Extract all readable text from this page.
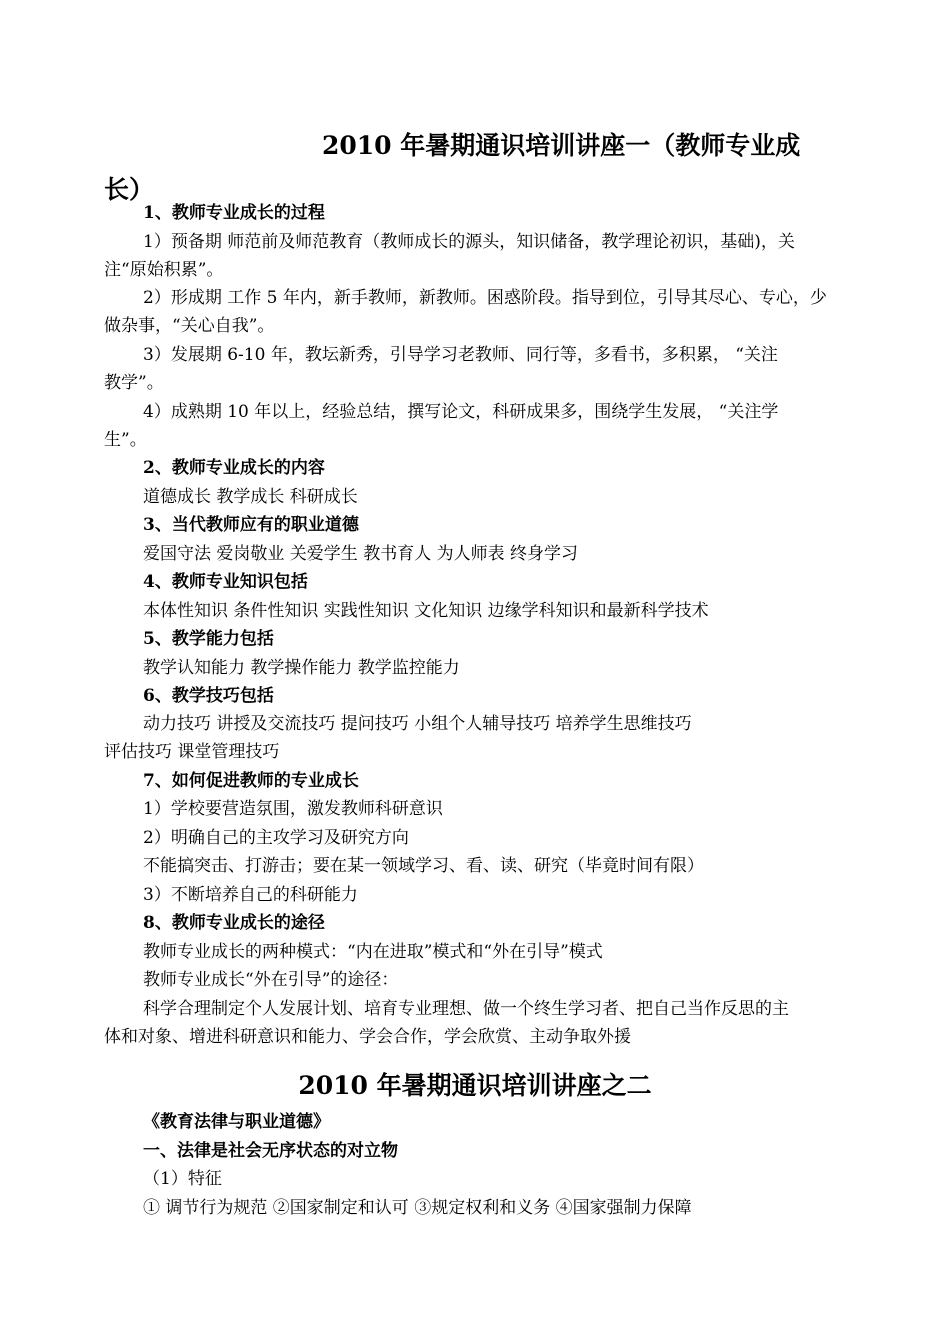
2010 年暑期通识培训讲座一（教师专业成
长）
1、教师专业成长的过程
1）预备期 师范前及师范教育（教师成长的源头，知识储备，教学理论初识，基础)，关
注“原始积累”。
2）形成期 工作 5 年内，新手教师，新教师。困惑阶段。指导到位，引导其尽心、专心，少
做杂事，“关心自我”。
3）发展期 6-10 年，教坛新秀，引导学习老教师、同行等，多看书，多积累， “关注
教学”。
4）成熟期 10 年以上，经验总结，撰写论文，科研成果多，围绕学生发展， “关注学
生”。
2、教师专业成长的内容
道德成长 教学成长 科研成长
3、当代教师应有的职业道德
爱国守法 爱岗敬业 关爱学生 教书育人 为人师表 终身学习
4、教师专业知识包括
本体性知识 条件性知识 实践性知识 文化知识 边缘学科知识和最新科学技术
5、教学能力包括
教学认知能力 教学操作能力 教学监控能力
6、教学技巧包括
动力技巧 讲授及交流技巧 提问技巧 小组个人辅导技巧 培养学生思维技巧
评估技巧 课堂管理技巧
7、如何促进教师的专业成长
1）学校要营造氛围，激发教师科研意识
2）明确自己的主攻学习及研究方向
不能搞突击、打游击；要在某一领域学习、看、读、研究（毕竟时间有限）
3）不断培养自己的科研能力
8、教师专业成长的途径
教师专业成长的两种模式：“内在进取”模式和“外在引导”模式
教师专业成长“外在引导”的途径：
科学合理制定个人发展计划、培育专业理想、做一个终生学习者、把自己当作反思的主
体和对象、增进科研意识和能力、学会合作，学会欣赏、主动争取外援
2010 年暑期通识培训讲座之二
《教育法律与职业道德》
一、法律是社会无序状态的对立物
（1）特征
① 调节行为规范 ②国家制定和认可 ③规定权利和义务 ④国家强制力保障
